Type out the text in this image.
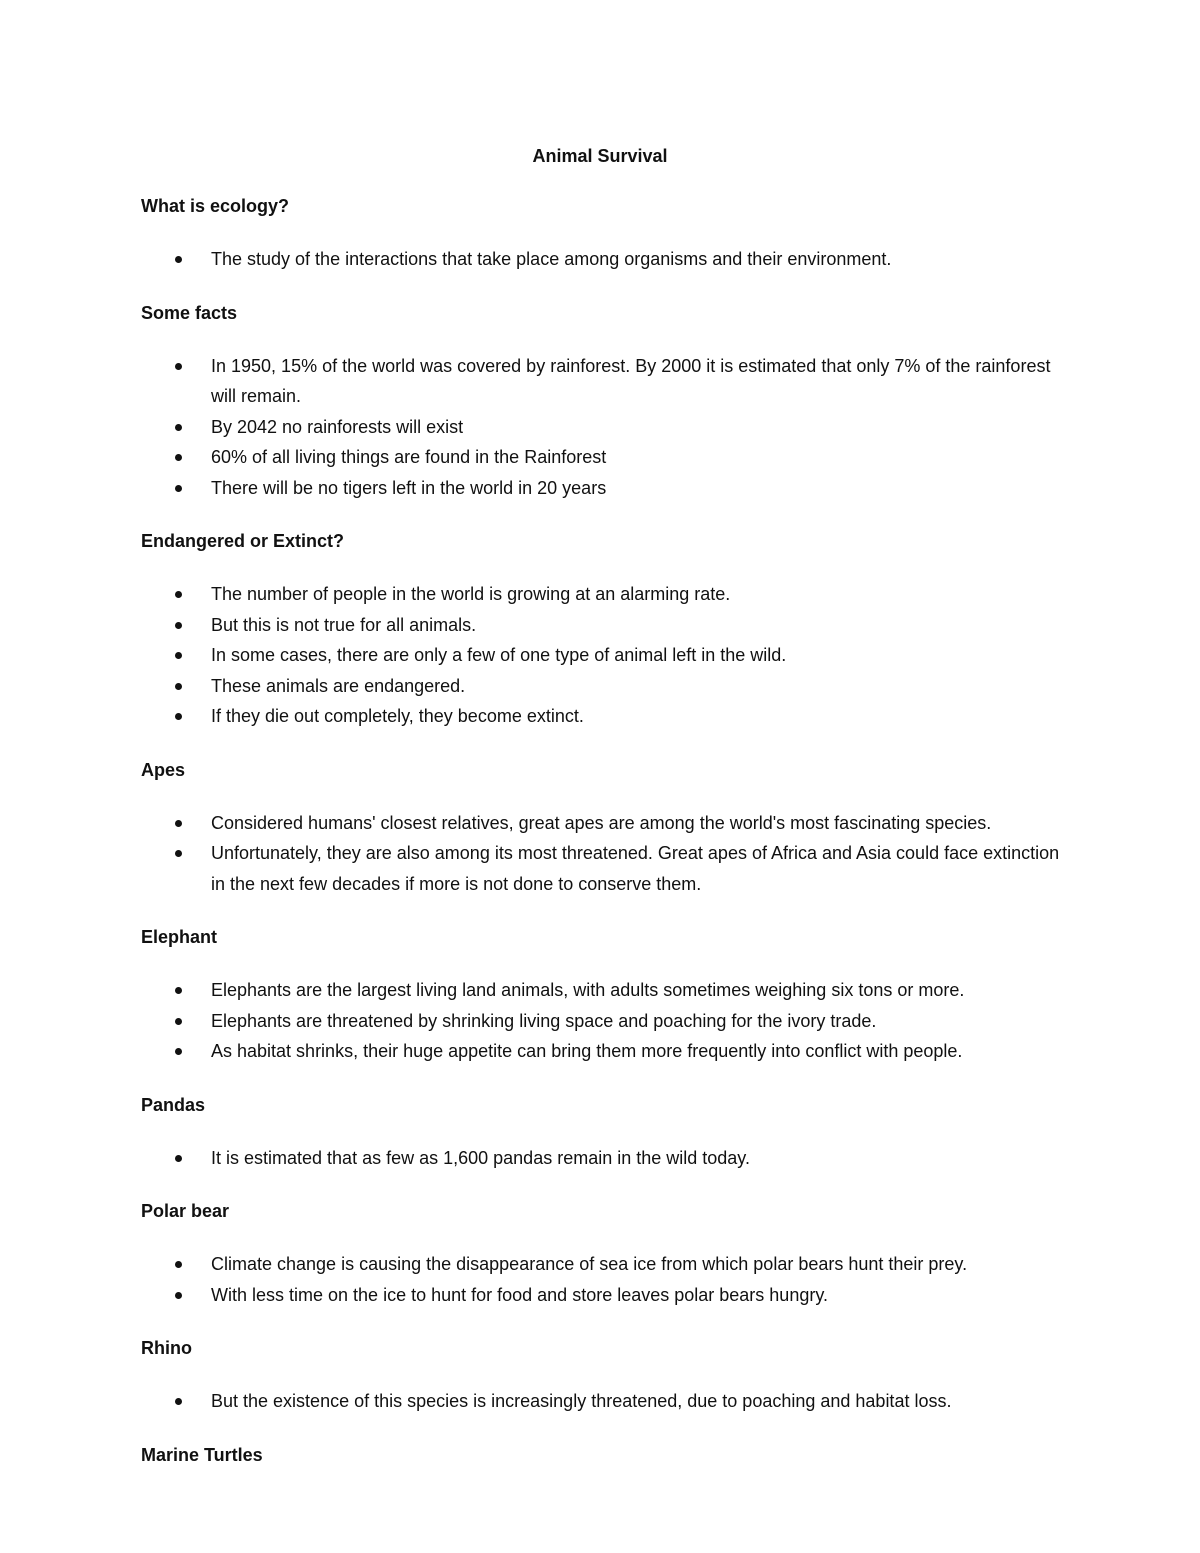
Animal Survival
What is ecology?
The study of the interactions that take place among organisms and their environment.
Some facts
In 1950, 15% of the world was covered by rainforest. By 2000 it is estimated that only 7% of the rainforest will remain.
By 2042 no rainforests will exist
60% of all living things are found in the Rainforest
There will be no tigers left in the world in 20 years
Endangered or Extinct?
The number of people in the world is growing at an alarming rate.
But this is not true for all animals.
In some cases, there are only a few of one type of animal left in the wild.
These animals are endangered.
If they die out completely, they become extinct.
Apes
Considered humans' closest relatives, great apes are among the world's most fascinating species.
Unfortunately, they are also among its most threatened. Great apes of Africa and Asia could face extinction in the next few decades if more is not done to conserve them.
Elephant
Elephants are the largest living land animals, with adults sometimes weighing six tons or more.
Elephants are threatened by shrinking living space and poaching for the ivory trade.
As habitat shrinks, their huge appetite can bring them more frequently into conflict with people.
Pandas
It is estimated that as few as 1,600 pandas remain in the wild today.
Polar bear
Climate change is causing the disappearance of sea ice from which polar bears hunt their prey.
With less time on the ice to hunt for food and store leaves polar bears hungry.
Rhino
But the existence of this species is increasingly threatened, due to poaching and habitat loss.
Marine Turtles
